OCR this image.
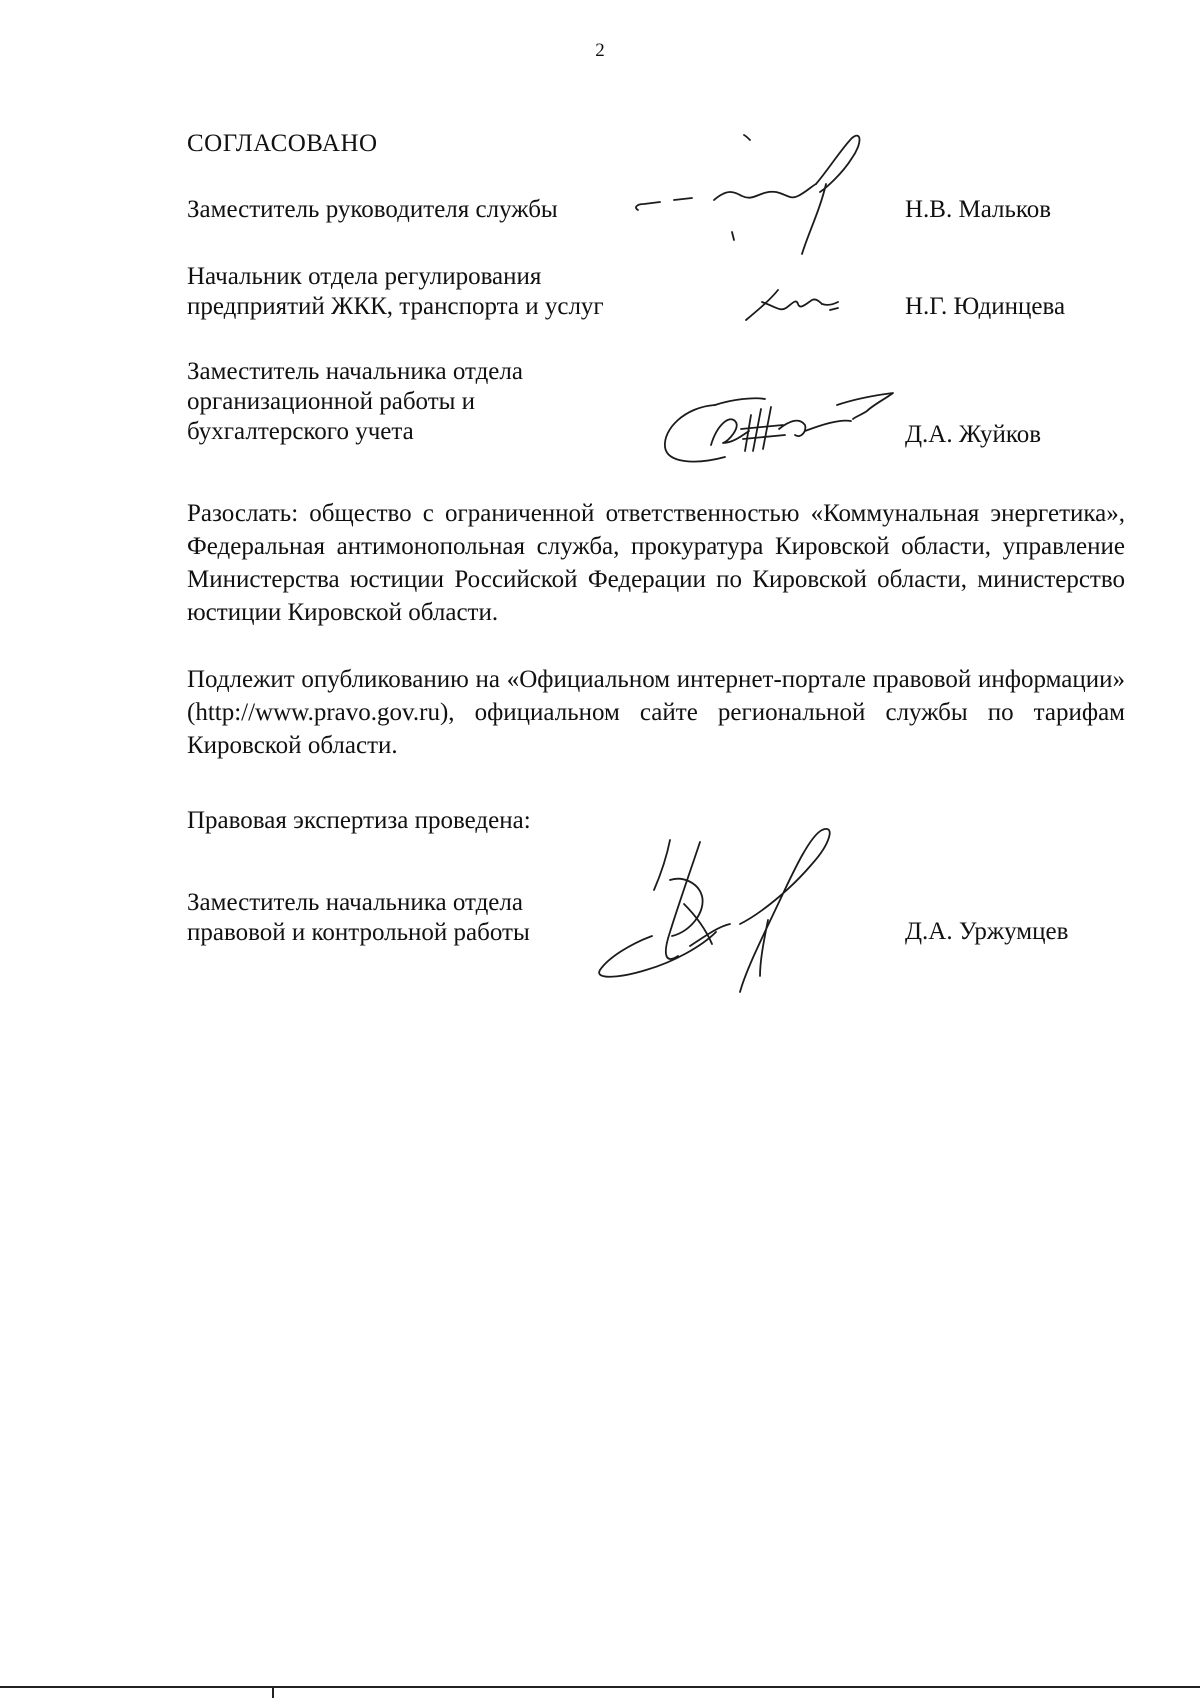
2
СОГЛАСОВАНО
Заместитель руководителя службы	Н.В. Мальков
Начальник отдела регулирования
предприятий ЖКК, транспорта и услуг	Н.Г. Юдинцева
Заместитель начальника отдела
организационной работы и
бухгалтерского учета	Д.А. Жуйков
Разослать: общество с ограниченной ответственностью «Коммунальная энергетика», Федеральная антимонопольная служба, прокуратура Кировской области, управление Министерства юстиции Российской Федерации по Кировской области, министерство юстиции Кировской области.
Подлежит опубликованию на «Официальном интернет-портале правовой информации» (http://www.pravo.gov.ru), официальном сайте региональной службы по тарифам Кировской области.
Правовая экспертиза проведена:
Заместитель начальника отдела
правовой и контрольной работы	Д.А. Уржумцев
